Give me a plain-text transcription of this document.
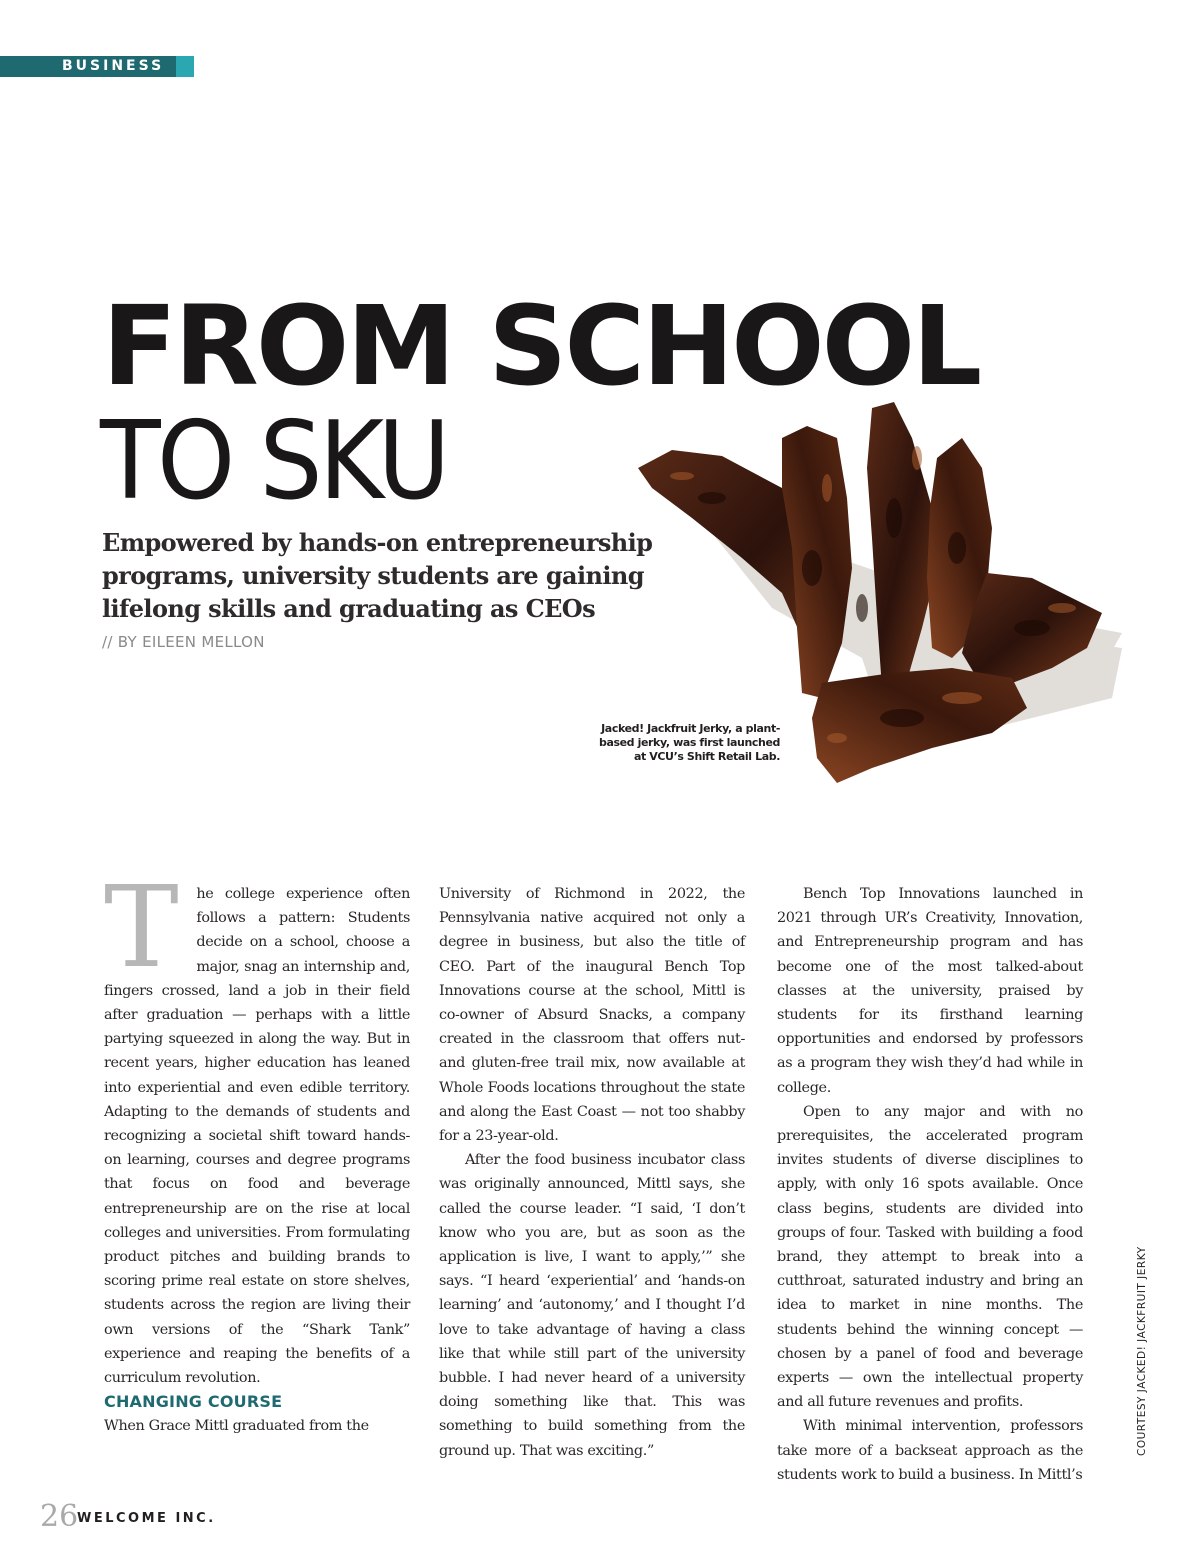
BUSINESS
FROM SCHOOL
TO SKU
Empowered by hands-on entrepreneurship programs, university students are gaining lifelong skills and graduating as CEOs
// BY EILEEN MELLON
Jacked! Jackfruit Jerky, a plant-based jerky, was first launched at VCU’s Shift Retail Lab.

T he college experience often follows a pattern: Students decide on a school, choose a major, snag an internship and, fingers crossed, land a job in their field after graduation — perhaps with a little partying squeezed in along the way. But in recent years, higher education has leaned into experiential and even edible territory. Adapting to the demands of students and recognizing a societal shift toward hands-on learning, courses and degree programs that focus on food and beverage entrepreneurship are on the rise at local colleges and universities. From formulating product pitches and building brands to scoring prime real estate on store shelves, students across the region are living their own versions of the “Shark Tank” experience and reaping the benefits of a curriculum revolution.

CHANGING COURSE

When Grace Mittl graduated from the

University of Richmond in 2022, the Pennsylvania native acquired not only a degree in business, but also the title of CEO. Part of the inaugural Bench Top Innovations course at the school, Mittl is co-owner of Absurd Snacks, a company created in the classroom that offers nut- and gluten-free trail mix, now available at Whole Foods locations throughout the state and along the East Coast — not too shabby for a 23-year-old.

After the food business incubator class was originally announced, Mittl says, she called the course leader. “I said, ‘I don’t know who you are, but as soon as the application is live, I want to apply,’” she says. “I heard ‘experiential’ and ‘hands-on learning’ and ‘autonomy,’ and I thought I’d love to take advantage of having a class like that while still part of the university bubble. I had never heard of a university doing something like that. This was something to build something from the ground up. That was exciting.”

Bench Top Innovations launched in 2021 through UR’s Creativity, Innovation, and Entrepreneurship program and has become one of the most talked-about classes at the university, praised by students for its firsthand learning opportunities and endorsed by professors as a program they wish they’d had while in college.

Open to any major and with no prerequisites, the accelerated program invites students of diverse disciplines to apply, with only 16 spots available. Once class begins, students are divided into groups of four. Tasked with building a food brand, they attempt to break into a cutthroat, saturated industry and bring an idea to market in nine months. The students behind the winning concept — chosen by a panel of food and beverage experts — own the intellectual property and all future revenues and profits.

With minimal intervention, professors take more of a backseat approach as the students work to build a business. In Mittl’s

COURTESY JACKED! JACKFRUIT JERKY
26
WELCOME INC.
